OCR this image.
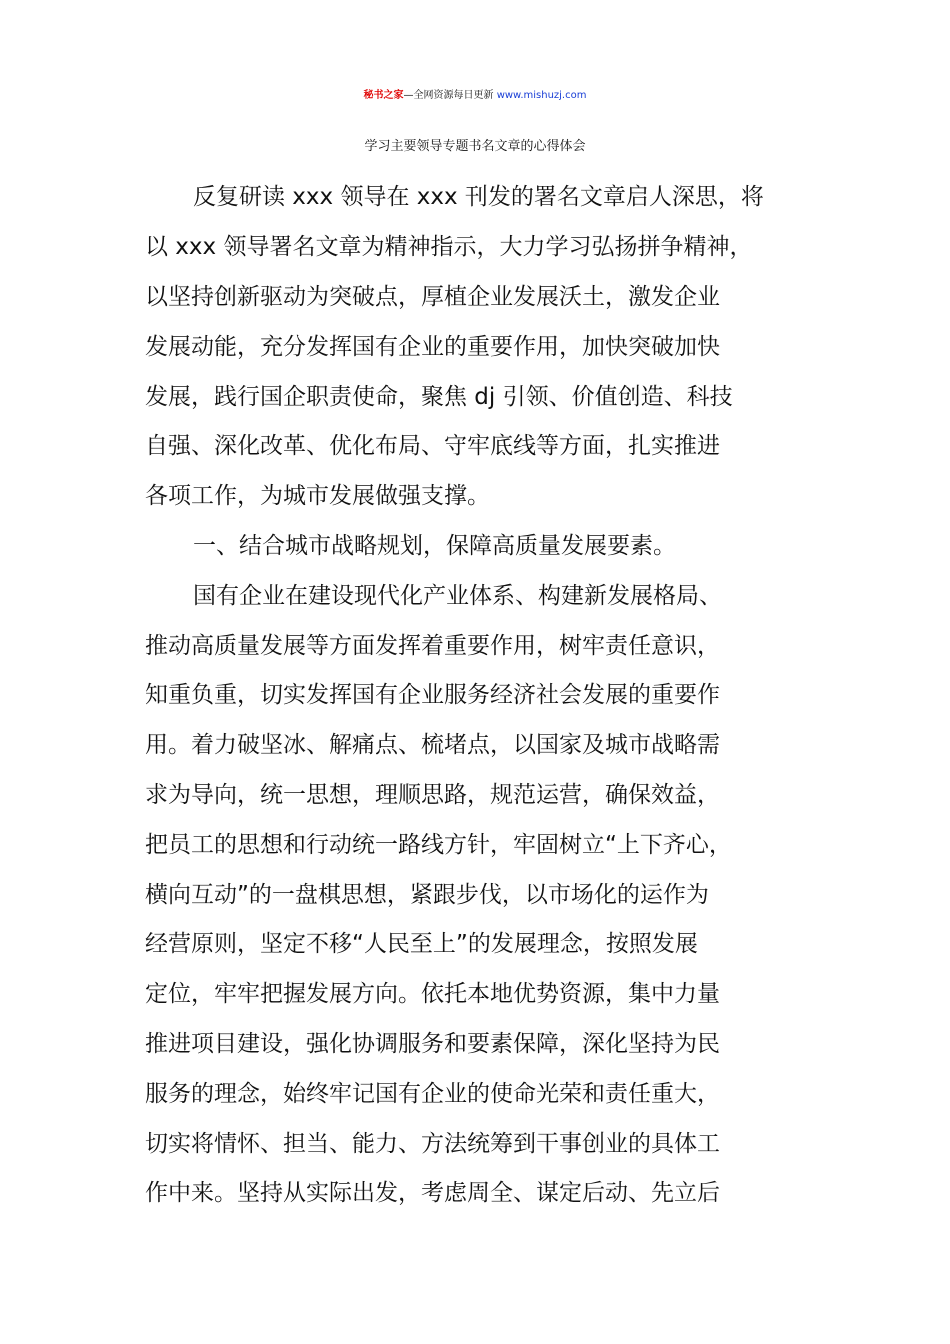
秘书之家—全网资源每日更新 www.mishuzj.com
学习主要领导专题书名文章的心得体会
反复研读 xxx 领导在 xxx 刊发的署名文章启人深思，将
以 xxx 领导署名文章为精神指示，大力学习弘扬拼争精神，
以坚持创新驱动为突破点，厚植企业发展沃土，激发企业
发展动能，充分发挥国有企业的重要作用，加快突破加快
发展，践行国企职责使命，聚焦 dj 引领、价值创造、科技
自强、深化改革、优化布局、守牢底线等方面，扎实推进
各项工作，为城市发展做强支撑。
一、结合城市战略规划，保障高质量发展要素。
国有企业在建设现代化产业体系、构建新发展格局、
推动高质量发展等方面发挥着重要作用，树牢责任意识，
知重负重，切实发挥国有企业服务经济社会发展的重要作
用。着力破坚冰、解痛点、梳堵点，以国家及城市战略需
求为导向，统一思想，理顺思路，规范运营，确保效益，
把员工的思想和行动统一路线方针，牢固树立“上下齐心，
横向互动”的一盘棋思想，紧跟步伐，以市场化的运作为
经营原则，坚定不移“人民至上”的发展理念，按照发展
定位，牢牢把握发展方向。依托本地优势资源，集中力量
推进项目建设，强化协调服务和要素保障，深化坚持为民
服务的理念，始终牢记国有企业的使命光荣和责任重大，
切实将情怀、担当、能力、方法统筹到干事创业的具体工
作中来。坚持从实际出发，考虑周全、谋定后动、先立后
